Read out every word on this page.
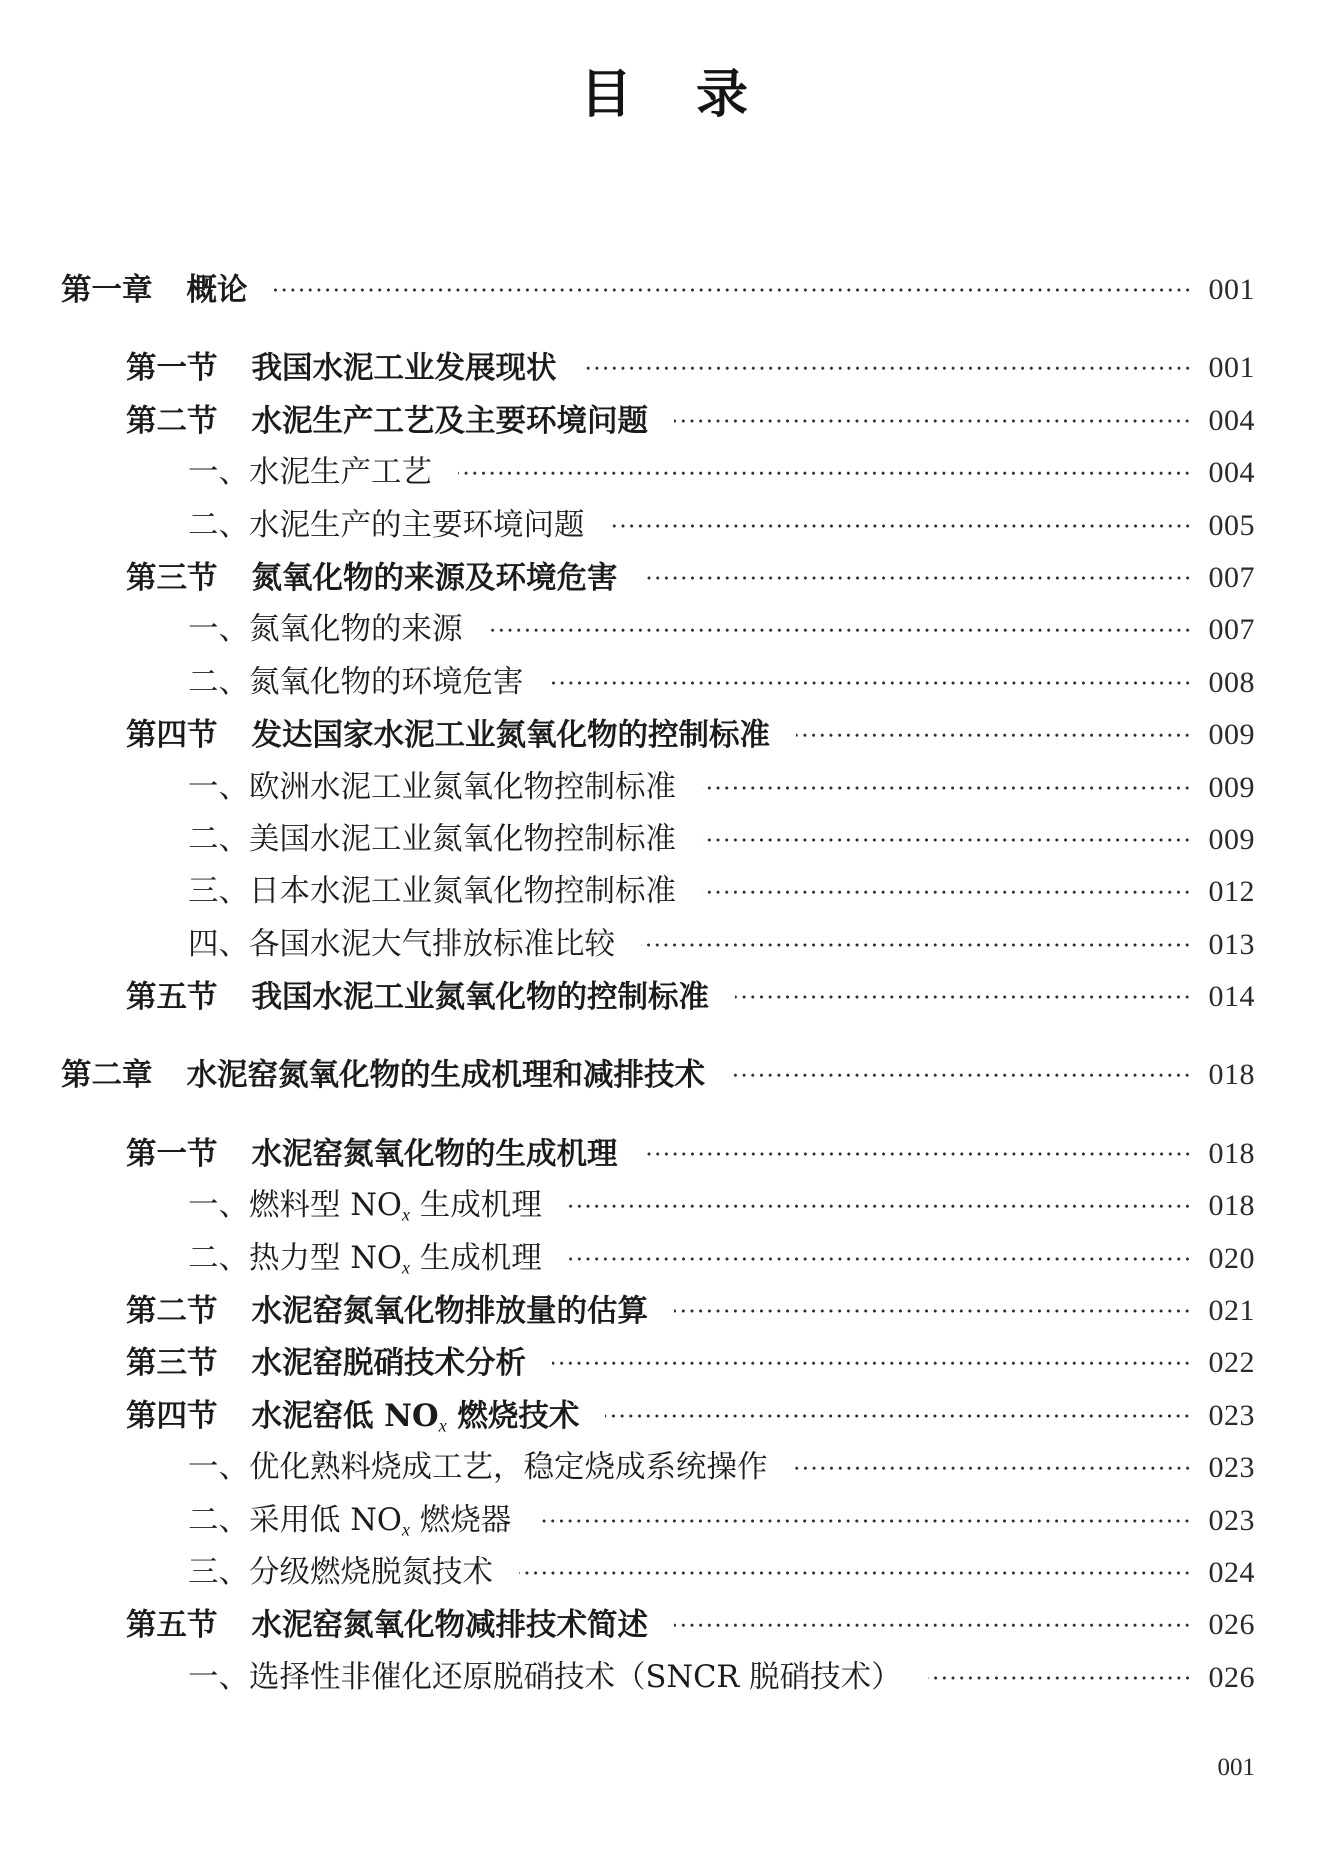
目 录
第一章 概论	001
第一节 我国水泥工业发展现状	001
第二节 水泥生产工艺及主要环境问题	004
一、水泥生产工艺	004
二、水泥生产的主要环境问题	005
第三节 氮氧化物的来源及环境危害	007
一、氮氧化物的来源	007
二、氮氧化物的环境危害	008
第四节 发达国家水泥工业氮氧化物的控制标准	009
一、欧洲水泥工业氮氧化物控制标准	009
二、美国水泥工业氮氧化物控制标准	009
三、日本水泥工业氮氧化物控制标准	012
四、各国水泥大气排放标准比较	013
第五节 我国水泥工业氮氧化物的控制标准	014
第二章 水泥窑氮氧化物的生成机理和减排技术	018
第一节 水泥窑氮氧化物的生成机理	018
一、燃料型 $NO_x$ 生成机理	018
二、热力型 $NO_x$ 生成机理	020
第二节 水泥窑氮氧化物排放量的估算	021
第三节 水泥窑脱硝技术分析	022
第四节 水泥窑低 $NO_x$ 燃烧技术	023
一、优化熟料烧成工艺，稳定烧成系统操作	023
二、采用低 $NO_x$ 燃烧器	023
三、分级燃烧脱氮技术	024
第五节 水泥窑氮氧化物减排技术简述	026
一、选择性非催化还原脱硝技术（SNCR 脱硝技术）	026
001
